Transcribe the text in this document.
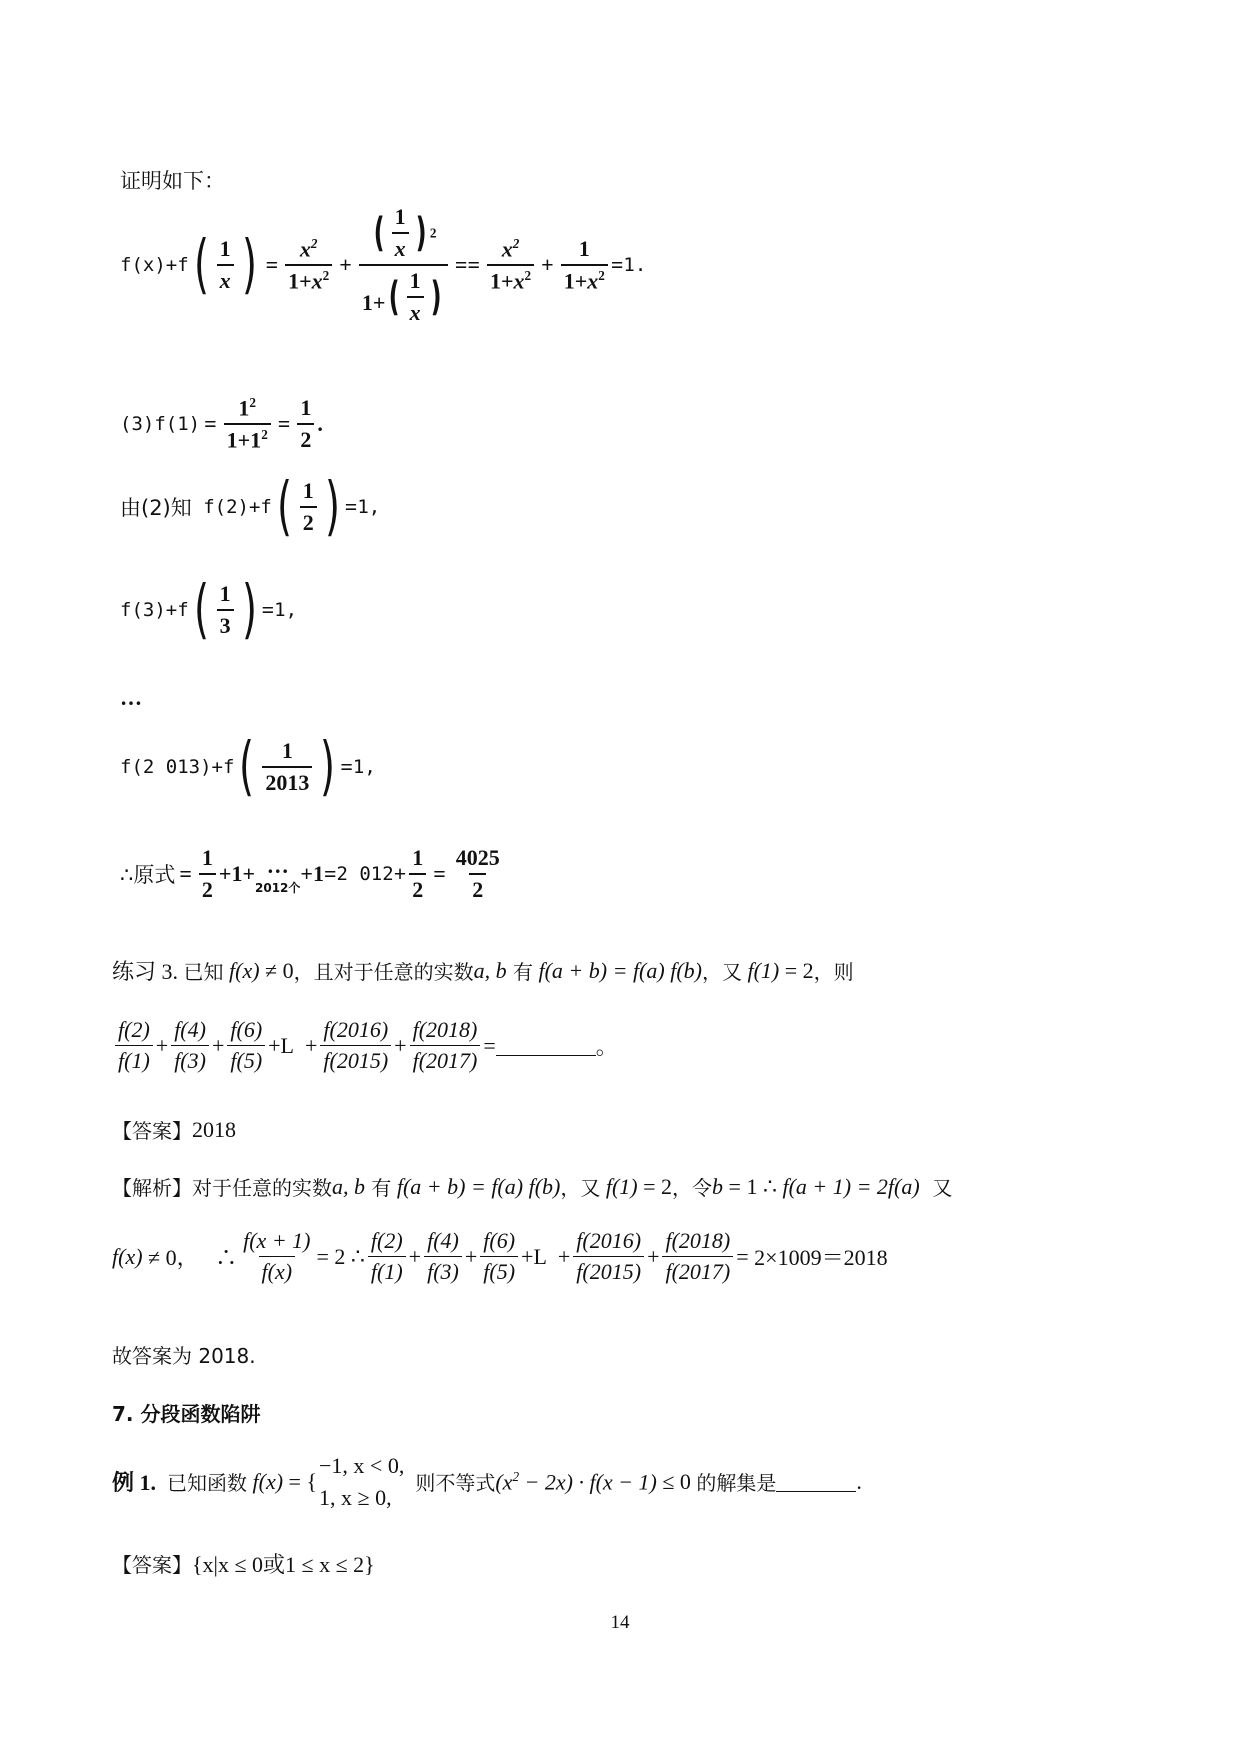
证明如下：
f(x)+f ( $\frac{1}{x}$ ) = $\frac{x^2}{1+x^2} + \frac{( \frac{1}{x} ) ^2}{1+ ( \frac{1}{x} )} == \frac{x^2}{1+x^2} + \frac{1}{1+x^2} = 1$.
(3) $f(1) = \frac{1^2}{1+1^2} = \frac{1}{2}$ .
由(2)知 f(2)+f ( $\frac{1}{2}$ ) = 1,
f(3)+f ( $\frac{1}{3}$ ) = 1,
…
f(2 013)+f ( $\frac{1}{2013}$ ) = 1,
∴原式 = $\frac{1}{2} +1+$ …
2012个
+1= 2 $012 + \frac{1}{2} = \frac{4025}{2}$
练习 3.
已知 f(x) ≠ 0 ，且对于任意的实数 a, b
有 f(a + b) = f(a) f(b) ，又 f(1) = 2 ，则
$\frac{f(2)}{f(1)} + \frac{f(4)}{f(3)} + \frac{f(6)}{f(5)} +L + \frac{f(2016)}{f(2015)} + \frac{f(2018)}{f(2017)}$ =	。
【答案】 2018
【解析】 对于任意的实数 a, b
有 f(a + b) = f(a) f(b) ，又 f(1) = 2 ，令 b = 1 ∴ f(a + 1) = 2f(a)
又
f(x) ≠ 0，   ∴ $\frac{f(x + 1)}{f(x)} = 2$ ∴ $\frac{f(2)}{f(1)} + \frac{f(4)}{f(3)} + \frac{f(6)}{f(5)} +L + \frac{f(2016)}{f(2015)} + \frac{f(2018)}{f(2017)} = 2\times 1009=2018$
故答案为 2018.
7. 分段函数陷阱
例 1.
已知函数 f(x) = {
−1, x < 0,
1, x ≥ 0,

则不等式 $(x^2 - 2x) \cdot f(x - 1) \le 0$ 的解集是	.
【答案】 {x|x ≤ 0或1 ≤ x ≤ 2}
14
